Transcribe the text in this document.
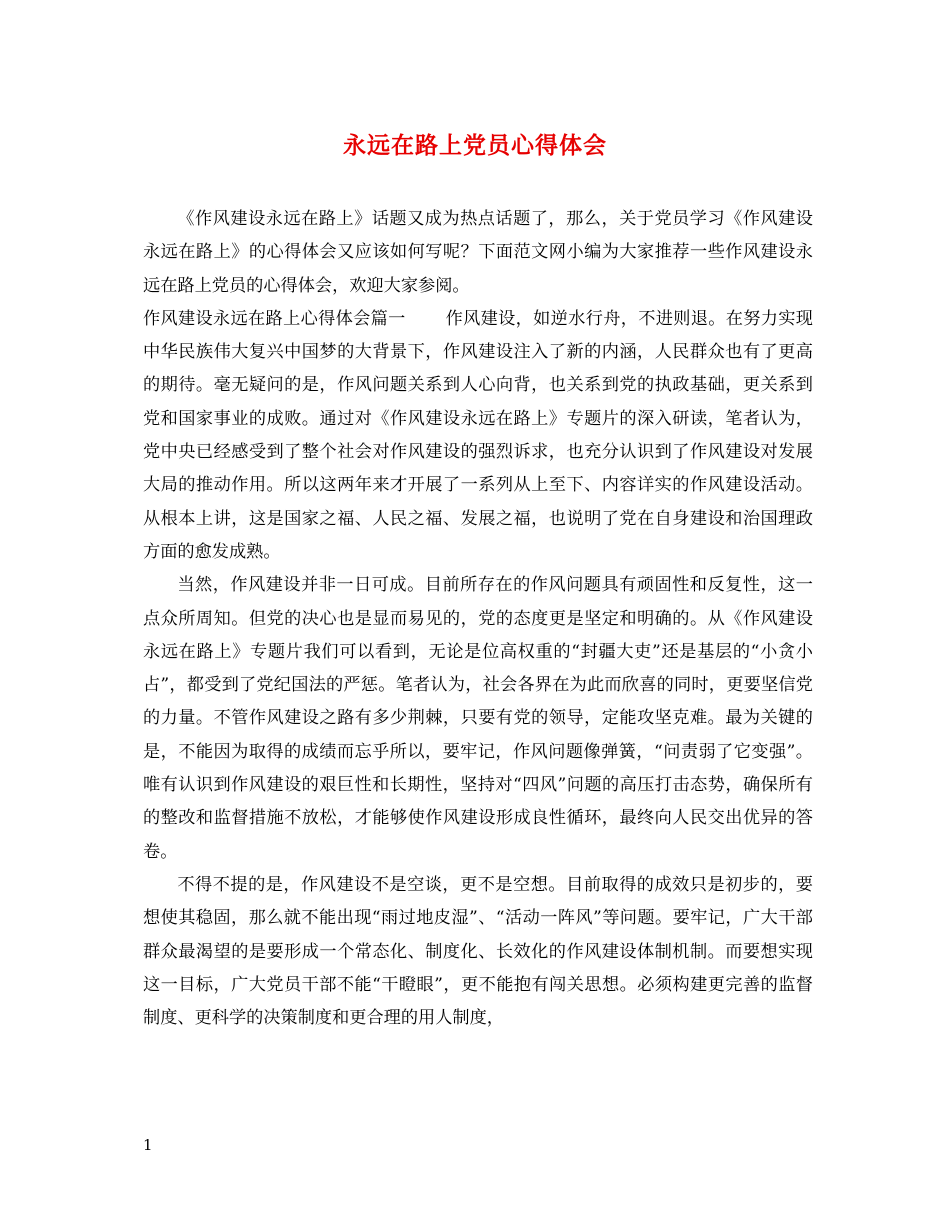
永远在路上党员心得体会

《作风建设永远在路上》话题又成为热点话题了，那么，关于党员学习《作风建设永远在路上》的心得体会又应该如何写呢？下面范文网小编为大家推荐一些作风建设永远在路上党员的心得体会，欢迎大家参阅。

作风建设永远在路上心得体会篇一 作风建设，如逆水行舟，不进则退。在努力实现中华民族伟大复兴中国梦的大背景下，作风建设注入了新的内涵，人民群众也有了更高的期待。毫无疑问的是，作风问题关系到人心向背，也关系到党的执政基础，更关系到党和国家事业的成败。通过对《作风建设永远在路上》专题片的深入研读，笔者认为，党中央已经感受到了整个社会对作风建设的强烈诉求，也充分认识到了作风建设对发展大局的推动作用。所以这两年来才开展了一系列从上至下、内容详实的作风建设活动。从根本上讲，这是国家之福、人民之福、发展之福，也说明了党在自身建设和治国理政方面的愈发成熟。

当然，作风建设并非一日可成。目前所存在的作风问题具有顽固性和反复性，这一点众所周知。但党的决心也是显而易见的，党的态度更是坚定和明确的。从《作风建设永远在路上》专题片我们可以看到，无论是位高权重的“封疆大吏”还是基层的“小贪小占”，都受到了党纪国法的严惩。笔者认为，社会各界在为此而欣喜的同时，更要坚信党的力量。不管作风建设之路有多少荆棘，只要有党的领导，定能攻坚克难。最为关键的是，不能因为取得的成绩而忘乎所以，要牢记，作风问题像弹簧，“问责弱了它变强”。唯有认识到作风建设的艰巨性和长期性，坚持对“四风”问题的高压打击态势，确保所有的整改和监督措施不放松，才能够使作风建设形成良性循环，最终向人民交出优异的答卷。

不得不提的是，作风建设不是空谈，更不是空想。目前取得的成效只是初步的，要想使其稳固，那么就不能出现“雨过地皮湿”、“活动一阵风”等问题。要牢记，广大干部群众最渴望的是要形成一个常态化、制度化、长效化的作风建设体制机制。而要想实现这一目标，广大党员干部不能“干瞪眼”，更不能抱有闯关思想。必须构建更完善的监督制度、更科学的决策制度和更合理的用人制度，

1
